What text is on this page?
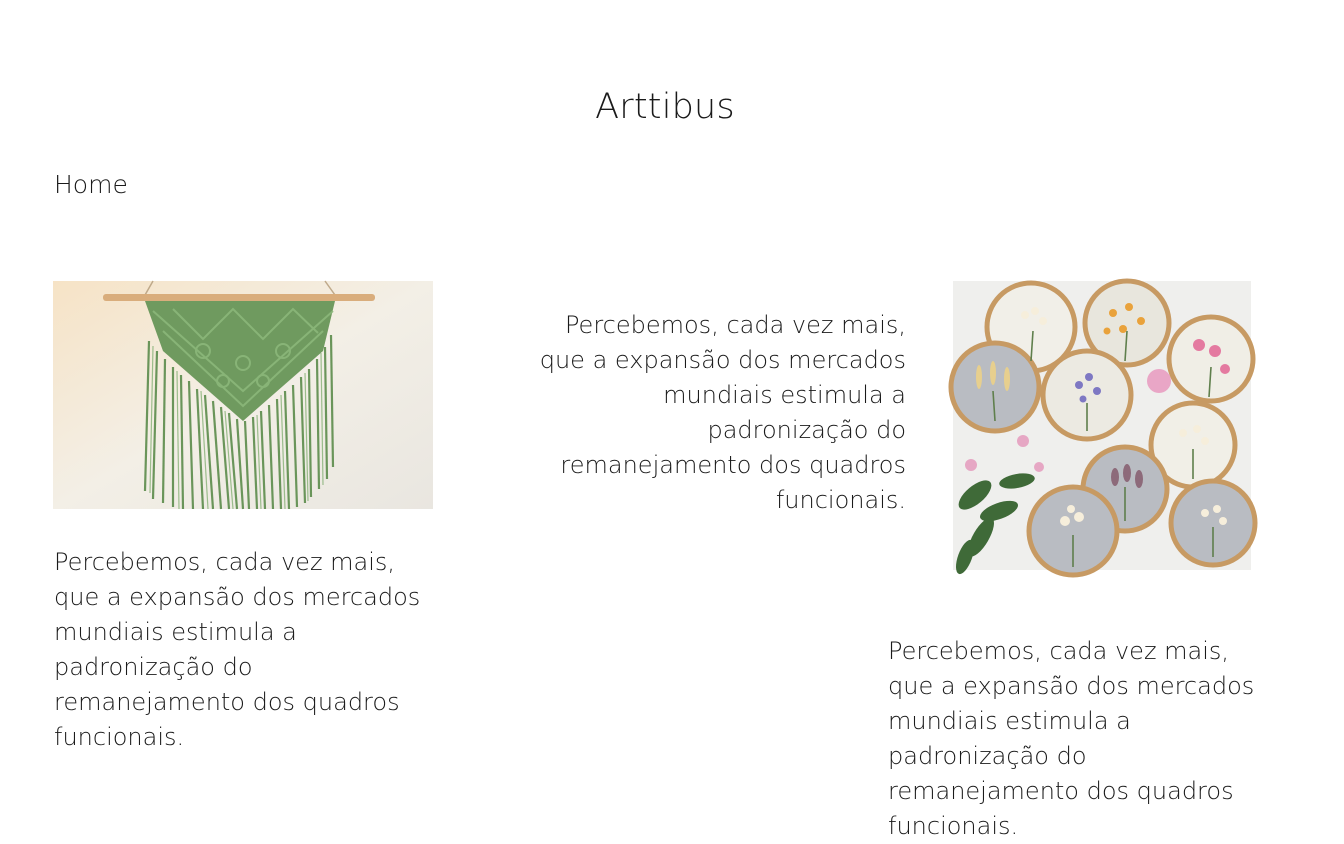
Arttibus
Home

Percebemos, cada vez mais, que a expansão dos mercados mundiais estimula a padronização do remanejamento dos quadros funcionais.

Percebemos, cada vez mais, que a expansão dos mercados mundiais estimula a padronização do remanejamento dos quadros funcionais.

Percebemos, cada vez mais, que a expansão dos mercados mundiais estimula a padronização do remanejamento dos quadros funcionais.
